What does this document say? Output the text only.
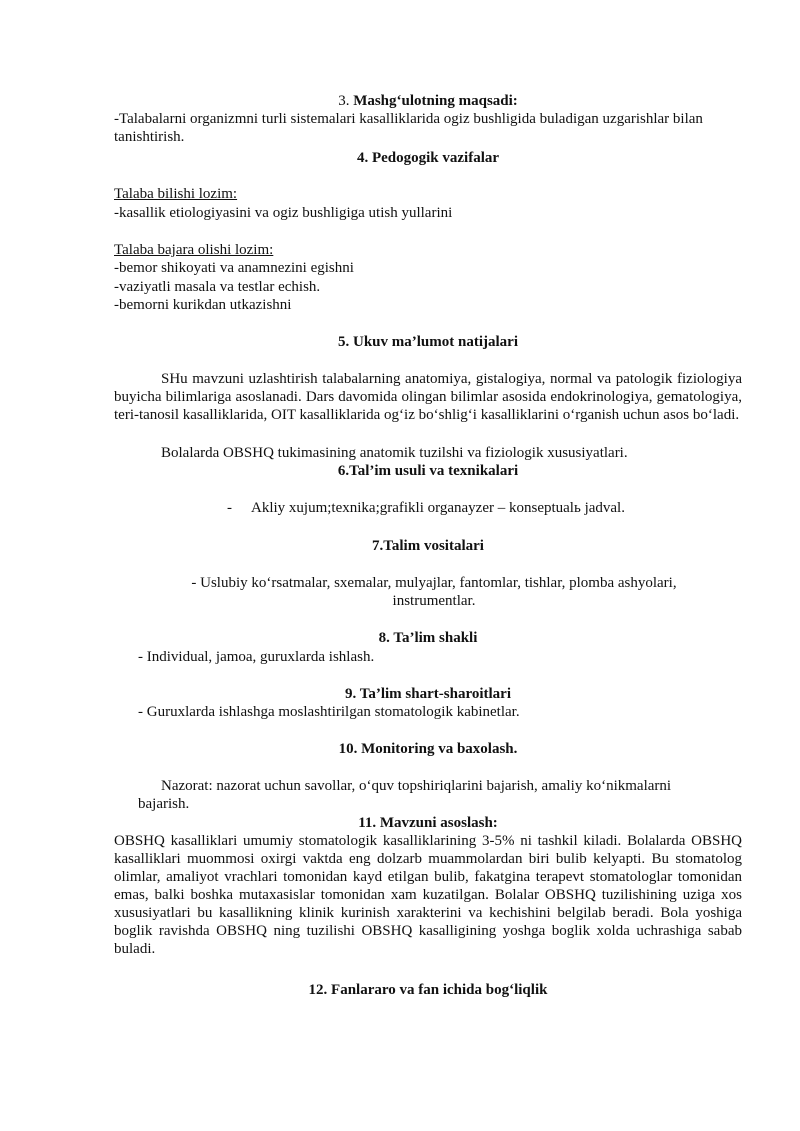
3. Mashg‘ulotning maqsadi:

-Talabalarni organizmni turli sistemalari kasalliklarida ogiz bushligida buladigan uzgarishlar bilan tanishtirish.

4. Pedogogik vazifalar

Talaba bilishi lozim:

-kasallik etiologiyasini va ogiz bushligiga utish yullarini

Talaba bajara olishi lozim:

-bemor shikoyati va anamnezini egishni

-vaziyatli masala va testlar echish.

-bemorni kurikdan utkazishni

5. Ukuv ma’lumot natijalari

SHu mavzuni uzlashtirish talabalarning anatomiya, gistalogiya, normal va patologik fiziologiya buyicha bilimlariga asoslanadi. Dars davomida olingan bilimlar asosida endokrinologiya, gematologiya, teri-tanosil kasalliklarida, OIT kasalliklarida og‘iz bo‘shlig‘i kasalliklarini o‘rganish uchun asos bo‘ladi.

Bolalarda OBSHQ tukimasining anatomik tuzilshi va fiziologik xususiyatlari.

6.Tal’im usuli va texnikalari

- Akliy xujum;texnika;grafikli organayzer – konseptualь jadval.

7.Talim vositalari

- Uslubiy ko‘rsatmalar, sxemalar, mulyajlar, fantomlar, tishlar, plomba ashyolari, instrumentlar.

8. Ta’lim shakli

- Individual, jamoa, guruxlarda ishlash.

9. Ta’lim shart-sharoitlari

- Guruxlarda ishlashga moslashtirilgan stomatologik kabinetlar.

10. Monitoring va baxolash.

Nazorat: nazorat uchun savollar, o‘quv topshiriqlarini bajarish, amaliy ko‘nikmalarni

bajarish.

11. Mavzuni asoslash:

OBSHQ kasalliklari umumiy stomatologik kasalliklarining 3-5% ni tashkil kiladi. Bolalarda OBSHQ kasalliklari muommosi oxirgi vaktda eng dolzarb muammolardan biri bulib kelyapti. Bu stomatolog olimlar, amaliyot vrachlari tomonidan kayd etilgan bulib, fakatgina terapevt stomatologlar tomonidan emas, balki boshka mutaxasislar tomonidan xam kuzatilgan. Bolalar OBSHQ tuzilishining uziga xos xususiyatlari bu kasallikning klinik kurinish xarakterini va kechishini belgilab beradi. Bola yoshiga boglik ravishda OBSHQ ning tuzilishi OBSHQ kasalligining yoshga boglik xolda uchrashiga sabab buladi.

12. Fanlararo va fan ichida bog‘liqlik
